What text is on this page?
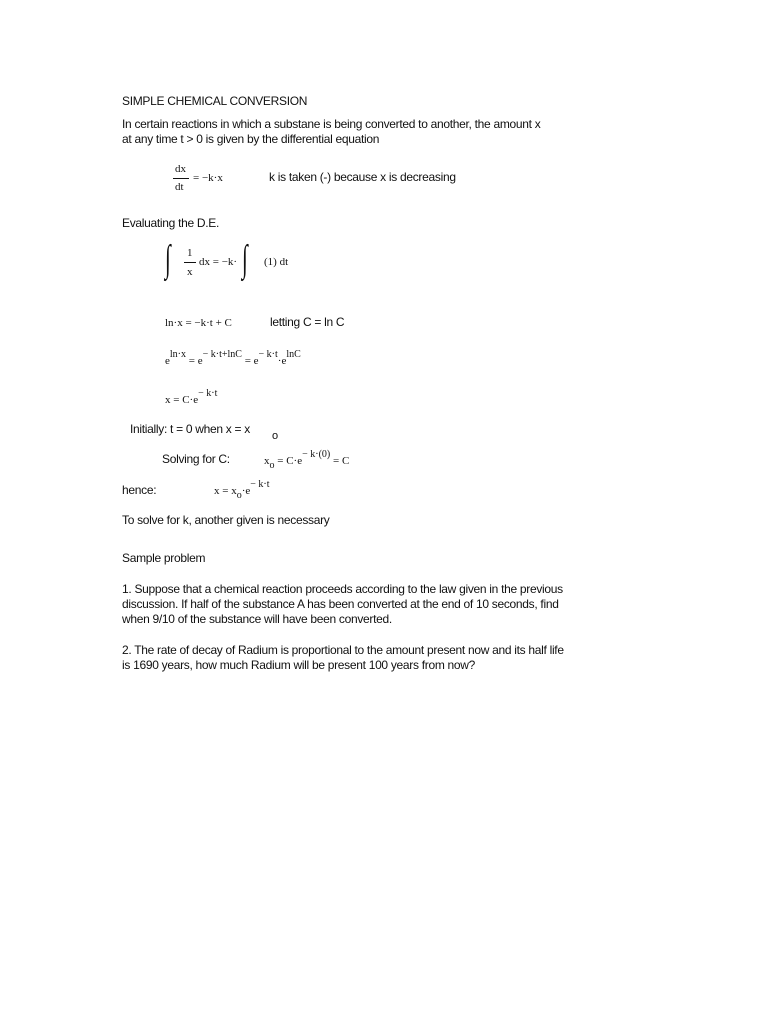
SIMPLE CHEMICAL CONVERSION
In certain reactions in which a substane is being converted to another, the amount x
at any time t > 0 is given by the differential equation
dx
dt
= −k·x	k is taken (-) because x is decreasing
Evaluating the D.E.
∫ 1
x
dx = −k· ∫ (1) dt
ln·x = −k·t + C	letting C = ln C
eln·x = e− k·t+lnC = e− k·t·elnC
x = C·e− k·t
Initially: t = 0 when x = x o
Solving for C:	xo = C·e− k·(0) = C
hence:	x = xo·e− k·t
To solve for k, another given is necessary
Sample problem
1. Suppose that a chemical reaction proceeds according to the law given in the previous
discussion. If half of the substance A has been converted at the end of 10 seconds, find
when 9/10 of the substance will have been converted.
2. The rate of decay of Radium is proportional to the amount present now and its half life
is 1690 years, how much Radium will be present 100 years from now?
